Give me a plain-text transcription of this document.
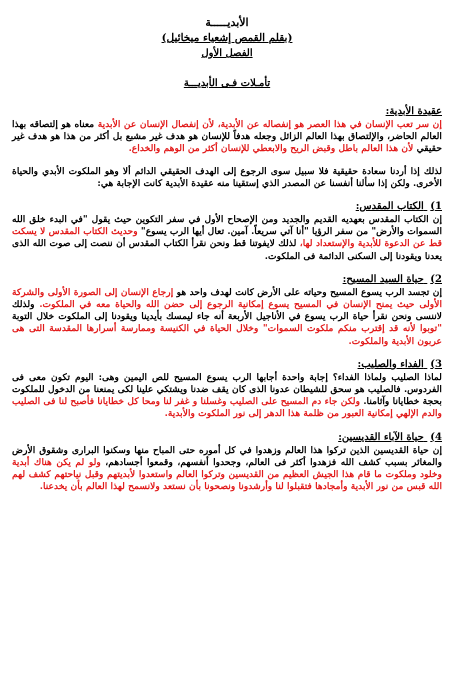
الأبديـــــة
(بقلم القمص إشعياء ميخائيل)
الفصل الأول
تأمـلات فـى الأبديـــة
عقيدة الأبدية:

إن سر تعب الإنسان في هذا العصر هو إنفصاله عن الأبدية، لأن إنفصال الإنسان عن الأبدية معناه هو إلتصاقه بهذا العالم الحاضر، والإلتصاق بهذا العالم الزائل وجعله هدفاً للإنسان هو هدف غير مشبع بل أكثر من هذا هو هدف غير حقيقي لأن هذا العالم باطل وقبض الريح والابعطي للإنسان أكثر من الوهم والخداع.

لذلك إذا أردنا سعادة حقيقية فلا سبيل سوى الرجوع إلى الهدف الحقيقي الدائم ألا وهو الملكوت الأبدي والحياة الأخرى. ولكن إذا سألنا أنفسنا عن المصدر الذي إستقينا منه عقيدة الأبدية كانت الإجابة هي:

1) الكتاب المقدس:

إن الكتاب المقدس بعهديه القديم والجديد ومن الإصحاح الأول في سفر التكوين حيث يقول "في البدء خلق الله السموات والأرض" من سفر الرؤيا "أنا آتي سريعاً. آمين. تعال أيها الرب يسوع" وحديث الكتاب المقدس لا يسكت قط عن الدعوة للأبدية والإستعداد لها، لذلك لايفوتنا قط ونحن نقرأ الكتاب المقدس أن ننصت إلى صوت الله الذى يعدنا ويقودنا إلى السكنى الدائمة فى الملكوت.

2) حياة السيد المسيح:

إن تجسد الرب يسوع المسيح وحياته على الأرض كانت لهدف واحد هو إرجاع الإنسان إلى الصورة الأولى والشركة الأولى حيث يمنح الإنسان في المسيح يسوع إمكانية الرجوع إلى حضن الله والحياة معه في الملكوت. ولذلك لاننسى ونحن نقرأ حياة الرب يسوع في الأناجيل الأربعة أنه جاء ليمسك بأيدينا ويقودنا إلى الملكوت خلال التوبة "توبوا لأنه قد إقترب منكم ملكوت السموات" وخلال الحياة في الكنيسة وممارسة أسرارها المقدسة التى هى عربون الأبدية والملكوت.

3) الفداء والصليب:

لماذا الصليب ولماذا الفداء؟ إجابة واحدة أجابها الرب يسوع المسيح للص اليمين وهى: اليوم تكون معى فى الفردوس. فالصليب هو سحق للشيطان عدونا الذى كان يقف ضدنا ويشتكي علينا لكى يمنعنا من الدخول للملكوت بحجة خطايانا وآثامنا. ولكن جاء دم المسيح على الصليب وغسلنا و غفر لنا ومحا كل خطايانا فأصبح لنا فى الصليب والدم الإلهي إمكانية العبور من ظلمة هذا الدهر إلى نور الملكوت والأبدية.

4) حياة الآباء القديسين:

إن حياة القديسين الذين تركوا هذا العالم وزهدوا في كل أموره حتى المباح منها وسكنوا البرارى وشقوق الأرض والمغائر بسبب كشف الله فزهدوا أكثر فى العالم، وجحدوا أنفسهم، وقمعوا أجسادهم، ولو لم يكن هناك أبدية وخلود وملكوت ما قام هذا الجيش العظيم من القديسين وتركوا العالم واستعدوا لأبديتهم وقبل نياحتهم كشف لهم الله قبس من نور الأبدية وأمجادها فتقبلوا لنا وأرشدونا ونصحونا بأن نستعد ولانسمح لهذا العالم بأن يخدعنا.
